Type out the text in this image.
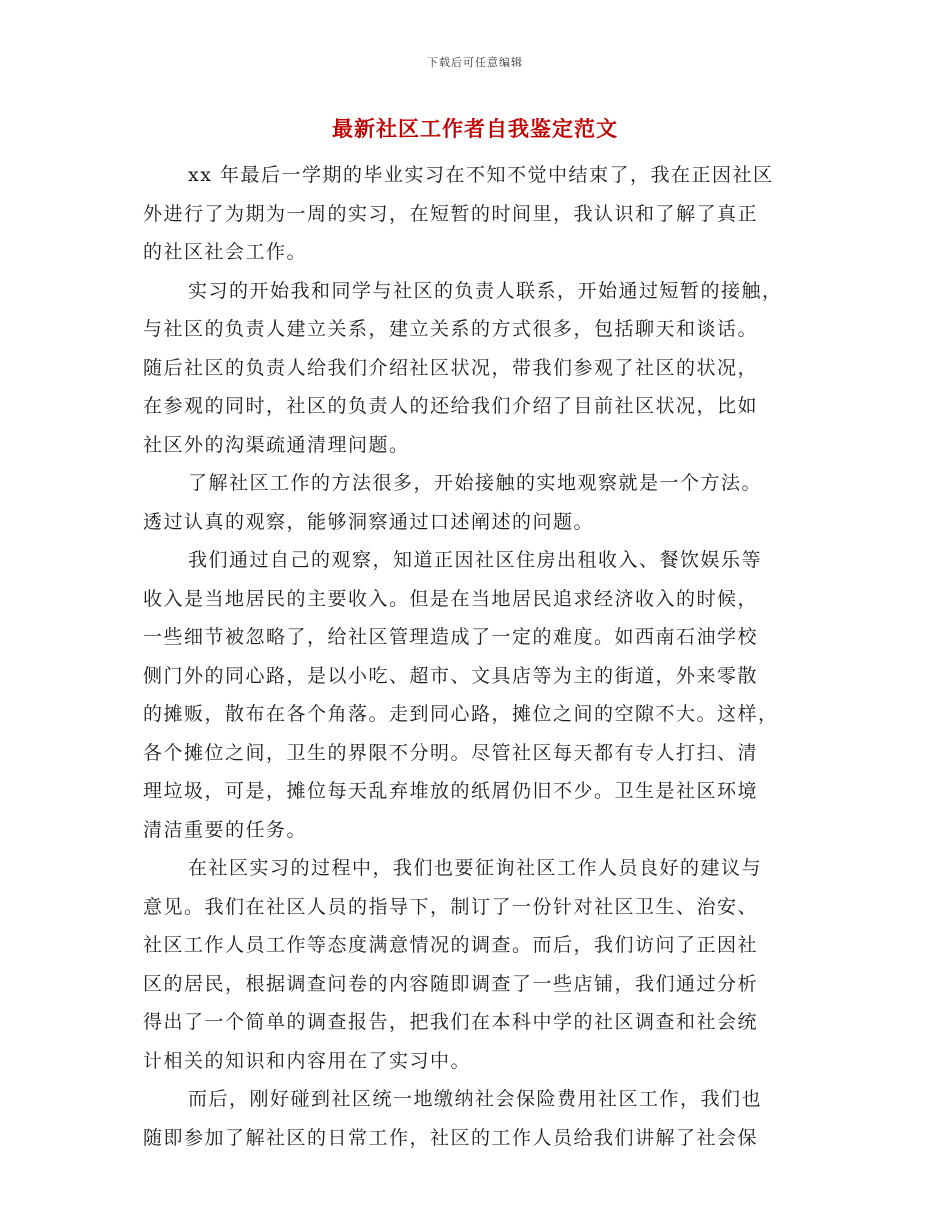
下载后可任意编辑
最新社区工作者自我鉴定范文
xx 年最后一学期的毕业实习在不知不觉中结束了，我在正因社区
外进行了为期为一周的实习，在短暂的时间里，我认识和了解了真正
的社区社会工作。
实习的开始我和同学与社区的负责人联系，开始通过短暂的接触，
与社区的负责人建立关系，建立关系的方式很多，包括聊天和谈话。
随后社区的负责人给我们介绍社区状况，带我们参观了社区的状况，
在参观的同时，社区的负责人的还给我们介绍了目前社区状况，比如
社区外的沟渠疏通清理问题。
了解社区工作的方法很多，开始接触的实地观察就是一个方法。
透过认真的观察，能够洞察通过口述阐述的问题。
我们通过自己的观察，知道正因社区住房出租收入、餐饮娱乐等
收入是当地居民的主要收入。但是在当地居民追求经济收入的时候，
一些细节被忽略了，给社区管理造成了一定的难度。如西南石油学校
侧门外的同心路，是以小吃、超市、文具店等为主的街道，外来零散
的摊贩，散布在各个角落。走到同心路，摊位之间的空隙不大。这样，
各个摊位之间，卫生的界限不分明。尽管社区每天都有专人打扫、清
理垃圾，可是，摊位每天乱弃堆放的纸屑仍旧不少。卫生是社区环境
清洁重要的任务。
在社区实习的过程中，我们也要征询社区工作人员良好的建议与
意见。我们在社区人员的指导下，制订了一份针对社区卫生、治安、
社区工作人员工作等态度满意情况的调查。而后，我们访问了正因社
区的居民，根据调查问卷的内容随即调查了一些店铺，我们通过分析
得出了一个简单的调查报告，把我们在本科中学的社区调查和社会统
计相关的知识和内容用在了实习中。
而后，刚好碰到社区统一地缴纳社会保险费用社区工作，我们也
随即参加了解社区的日常工作，社区的工作人员给我们讲解了社会保
